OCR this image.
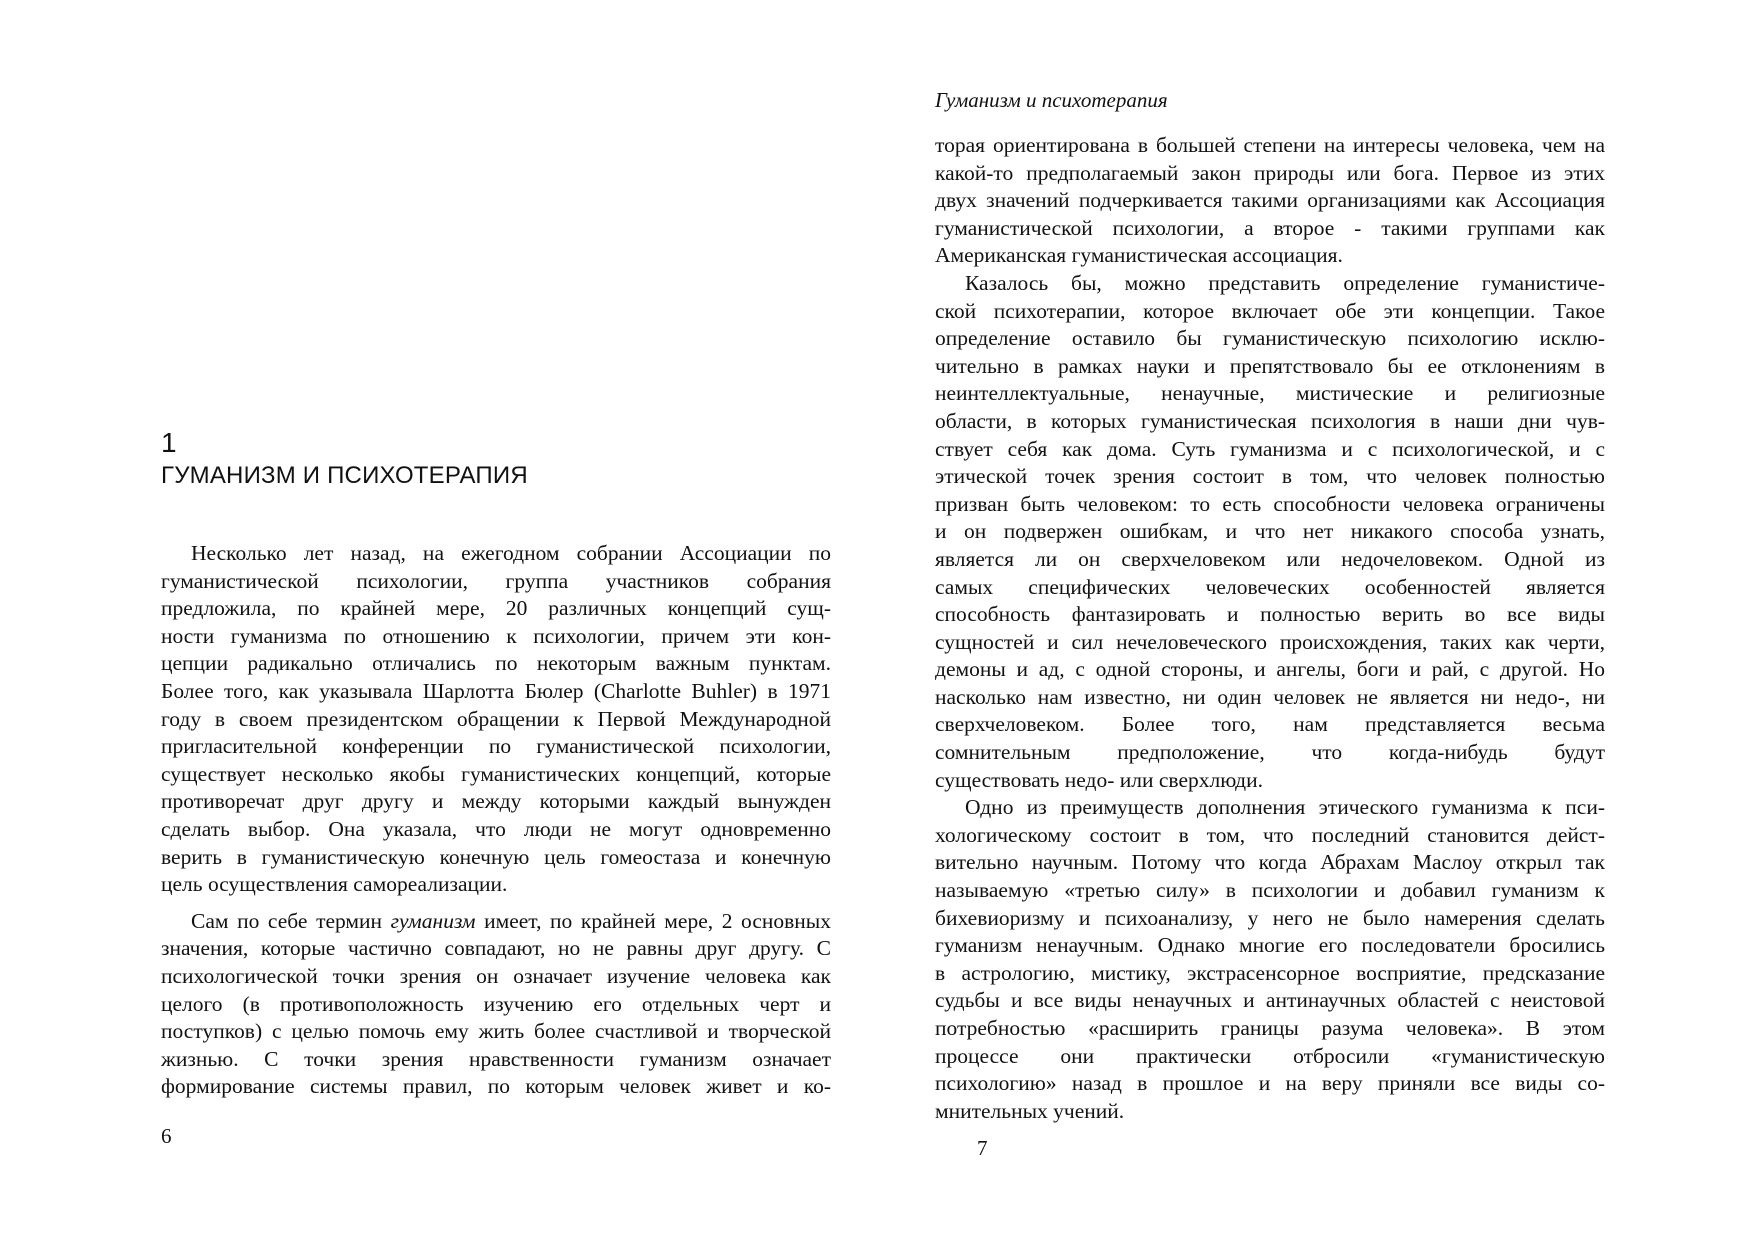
1
ГУМАНИЗМ И ПСИХОТЕРАПИЯ

Несколько лет назад, на ежегодном собрании Ассоциации по
гуманистической психологии, группа участников собрания
предложила, по крайней мере, 20 различных концепций сущ-
ности гуманизма по отношению к психологии, причем эти кон-
цепции радикально отличались по некоторым важным пунктам.
Более того, как указывала Шарлотта Бюлер (Charlotte Buhler) в 1971
году в своем президентском обращении к Первой Международной
пригласительной конференции по гуманистической психологии,
существует несколько якобы гуманистических концепций, которые
противоречат друг другу и между которыми каждый вынужден
сделать выбор. Она указала, что люди не могут одновременно
верить в гуманистическую конечную цель гомеостаза и конечную
цель осуществления самореализации.

Сам по себе термин гуманизм имеет, по крайней мере, 2 основных
значения, которые частично совпадают, но не равны друг другу. С
психологической точки зрения он означает изучение человека как
целого (в противоположность изучению его отдельных черт и
поступков) с целью помочь ему жить более счастливой и творческой
жизнью. С точки зрения нравственности гуманизм означает
формирование системы правил, по которым человек живет и ко-

6
Гуманизм и психотерапия

торая ориентирована в большей степени на интересы человека, чем на
какой-то предполагаемый закон природы или бога. Первое из этих
двух значений подчеркивается такими организациями как Ассоциация
гуманистической психологии, а второе - такими группами как
Американская гуманистическая ассоциация.

Казалось бы, можно представить определение гуманистиче-
ской психотерапии, которое включает обе эти концепции. Такое
определение оставило бы гуманистическую психологию исклю-
чительно в рамках науки и препятствовало бы ее отклонениям в
неинтеллектуальные, ненаучные, мистические и религиозные
области, в которых гуманистическая психология в наши дни чув-
ствует себя как дома. Суть гуманизма и с психологической, и с
этической точек зрения состоит в том, что человек полностью
призван быть человеком: то есть способности человека ограничены
и он подвержен ошибкам, и что нет никакого способа узнать,
является ли он сверхчеловеком или недочеловеком. Одной из
самых специфических человеческих особенностей является
способность фантазировать и полностью верить во все виды
сущностей и сил нечеловеческого происхождения, таких как черти,
демоны и ад, с одной стороны, и ангелы, боги и рай, с другой. Но
насколько нам известно, ни один человек не является ни недо-, ни
сверхчеловеком. Более того, нам представляется весьма
сомнительным предположение, что когда-нибудь будут
существовать недо- или сверхлюди.

Одно из преимуществ дополнения этического гуманизма к пси-
хологическому состоит в том, что последний становится дейст-
вительно научным. Потому что когда Абрахам Маслоу открыл так
называемую «третью силу» в психологии и добавил гуманизм к
бихевиоризму и психоанализу, у него не было намерения сделать
гуманизм ненаучным. Однако многие его последователи бросились
в астрологию, мистику, экстрасенсорное восприятие, предсказание
судьбы и все виды ненаучных и антинаучных областей с неистовой
потребностью «расширить границы разума человека». В этом
процессе они практически отбросили «гуманистическую
психологию» назад в прошлое и на веру приняли все виды со-
мнительных учений.

7
